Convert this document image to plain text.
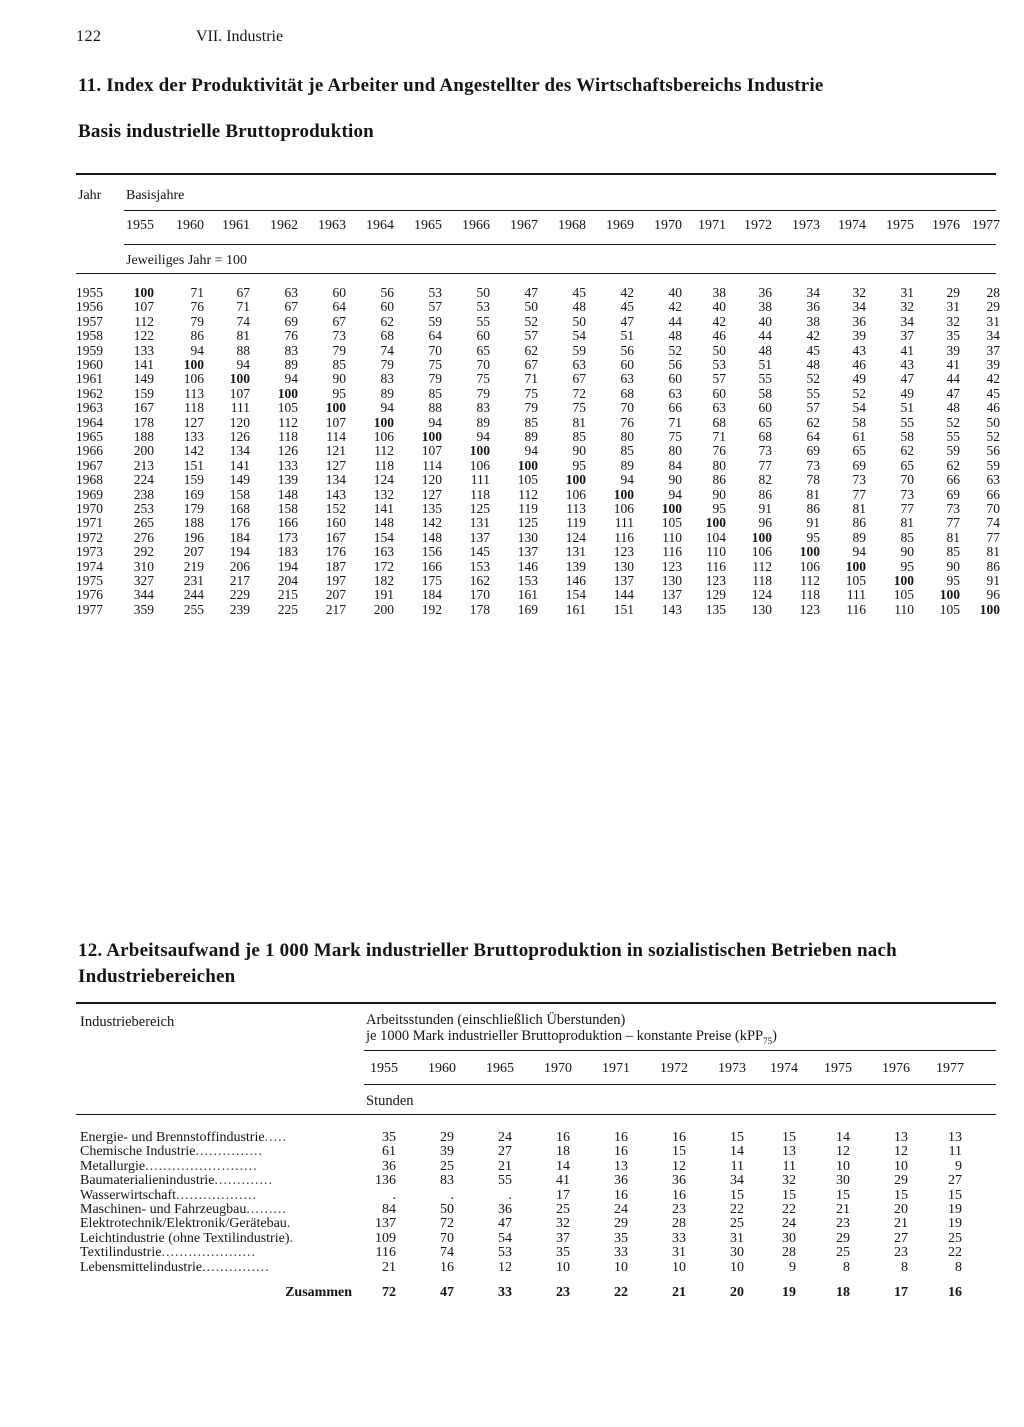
122	VII. Industrie
11. Index der Produktivität je Arbeiter und Angestellter des Wirtschaftsbereichs Industrie
Basis industrielle Bruttoproduktion
Jahr Basisjahre
1955	1960	1961	1962	1963	1964	1965	1966	1967	1968	1969	1970	1971	1972	1973	1974	1975	1976 1977
Jeweiliges Jahr = 100
1955	100	71	67	63	60	56	53	50	47	45	42	40	38	36	34	32	31	29	28
1956	107	76	71	67	64	60	57	53	50	48	45	42	40	38	36	34	32	31	29
1957	112	79	74	69	67	62	59	55	52	50	47	44	42	40	38	36	34	32	31
1958	122	86	81	76	73	68	64	60	57	54	51	48	46	44	42	39	37	35	34
1959	133	94	88	83	79	74	70	65	62	59	56	52	50	48	45	43	41	39	37
1960	141	100	94	89	85	79	75	70	67	63	60	56	53	51	48	46	43	41	39
1961	149	106	100	94	90	83	79	75	71	67	63	60	57	55	52	49	47	44	42
1962	159	113	107	100	95	89	85	79	75	72	68	63	60	58	55	52	49	47	45
1963	167	118	111	105	100	94	88	83	79	75	70	66	63	60	57	54	51	48	46
1964	178	127	120	112	107	100	94	89	85	81	76	71	68	65	62	58	55	52	50
1965	188	133	126	118	114	106	100	94	89	85	80	75	71	68	64	61	58	55	52
1966	200	142	134	126	121	112	107	100	94	90	85	80	76	73	69	65	62	59	56
1967	213	151	141	133	127	118	114	106	100	95	89	84	80	77	73	69	65	62	59
1968	224	159	149	139	134	124	120	111	105	100	94	90	86	82	78	73	70	66	63
1969	238	169	158	148	143	132	127	118	112	106	100	94	90	86	81	77	73	69	66
1970	253	179	168	158	152	141	135	125	119	113	106	100	95	91	86	81	77	73	70
1971	265	188	176	166	160	148	142	131	125	119	111	105	100	96	91	86	81	77	74
1972	276	196	184	173	167	154	148	137	130	124	116	110	104	100	95	89	85	81	77
1973	292	207	194	183	176	163	156	145	137	131	123	116	110	106	100	94	90	85	81
1974	310	219	206	194	187	172	166	153	146	139	130	123	116	112	106	100	95	90	86
1975	327	231	217	204	197	182	175	162	153	146	137	130	123	118	112	105	100	95	91
1976	344	244	229	215	207	191	184	170	161	154	144	137	129	124	118	111	105	100	96
1977	359	255	239	225	217	200	192	178	169	161	151	143	135	130	123	116	110	105	100
12. Arbeitsaufwand je 1 000 Mark industrieller Bruttoproduktion in sozialistischen Betrieben nach
Industriebereichen
Industriebereich	Arbeitsstunden (einschließlich Überstunden)
je 1000 Mark industrieller Bruttoproduktion – konstante Preise (kPP$_{75}$)
1955	1960	1965	1970	1971	1972	1973	1974	1975	1976	1977
Stunden
Energie- und Brennstoffindustrie.....	35	29	24	16	16	16	15	15	14	13	13
Chemische Industrie...............	61	39	27	18	16	15	14	13	12	12	11
Metallurgie.........................	36	25	21	14	13	12	11	11	10	10	9
Baumaterialienindustrie.............	136	83	55	41	36	36	34	32	30	29	27
Wasserwirtschaft..................	.	.	.	17	16	16	15	15	15	15	15
Maschinen- und Fahrzeugbau.........	84	50	36	25	24	23	22	22	21	20	19
Elektrotechnik/Elektronik/Gerätebau.	137	72	47	32	29	28	25	24	23	21	19
Leichtindustrie (ohne Textilindustrie).	109	70	54	37	35	33	31	30	29	27	25
Textilindustrie.....................	116	74	53	35	33	31	30	28	25	23	22
Lebensmittelindustrie...............	21	16	12	10	10	10	10	9	8	8	8
Zusammen	72	47	33	23	22	21	20	19	18	17	16
